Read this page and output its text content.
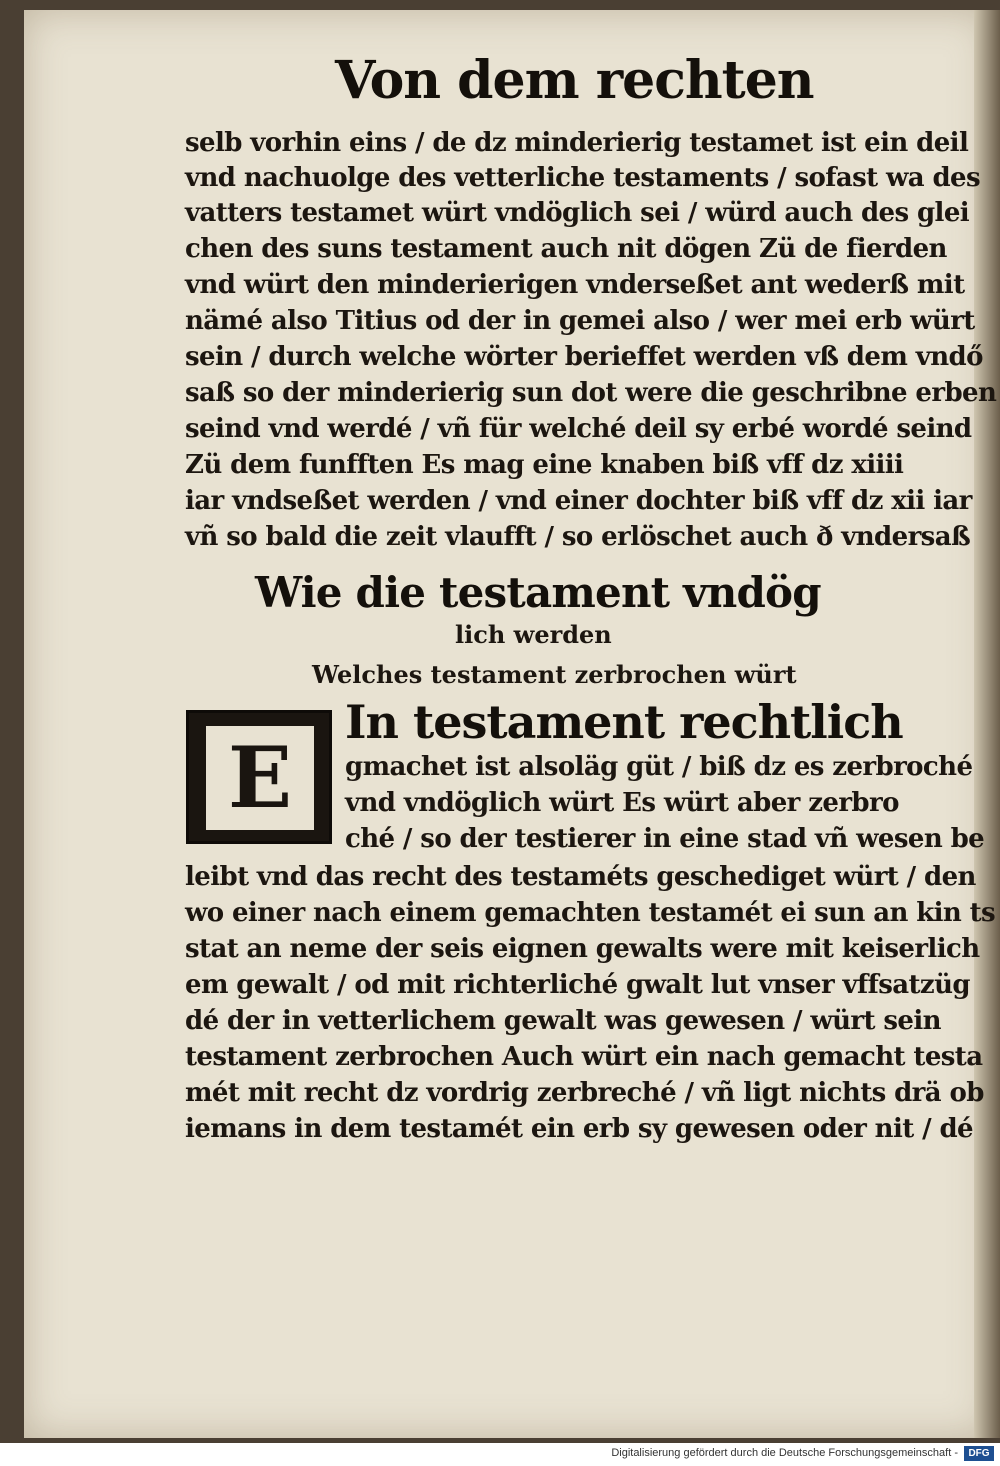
Von dem rechten
selb vorhin eins / de dz minderierig testamet ist ein deil
vnd nachuolge des vetterliche testaments / sofast wa des
vatters testamet würt vndöglich sei / würd auch des glei
chen des suns testament auch nit dögen Zü de fierden
vnd würt den minderierigen vnderseßet ant wederß mit
nämé also Titius od der in gemei also / wer mei erb würt
sein / durch welche wörter berieffet werden vß dem vndő
saß so der minderierig sun dot were die geschribne erben
seind vnd werdé / vñ für welché deil sy erbé wordé seind
Zü dem funfften Es mag eine knaben biß vff dz xiiii
iar vndseßet werden / vnd einer dochter biß vff dz xii iar
vñ so bald die zeit vlaufft / so erlöschet auch ð vndersaß
Wie die testament vndög
lich werden
Welches testament zerbrochen würt
E
In testament rechtlich
gmachet ist alsoläg güt / biß dz es zerbroché
vnd vndöglich würt Es würt aber zerbro
ché / so der testierer in eine stad vñ wesen be
leibt vnd das recht des testaméts geschediget würt / den
wo einer nach einem gemachten testamét ei sun an kin ts
stat an neme der seis eignen gewalts were mit keiserlich
em gewalt / od mit richterliché gwalt lut vnser vffsatzüg
dé der in vetterlichem gewalt was gewesen / würt sein
testament zerbrochen Auch würt ein nach gemacht testa
mét mit recht dz vordrig zerbreché / vñ ligt nichts drä ob
iemans in dem testamét ein erb sy gewesen oder nit / dé
Digitalisierung gefördert durch die Deutsche Forschungsgemeinschaft -	DFG
